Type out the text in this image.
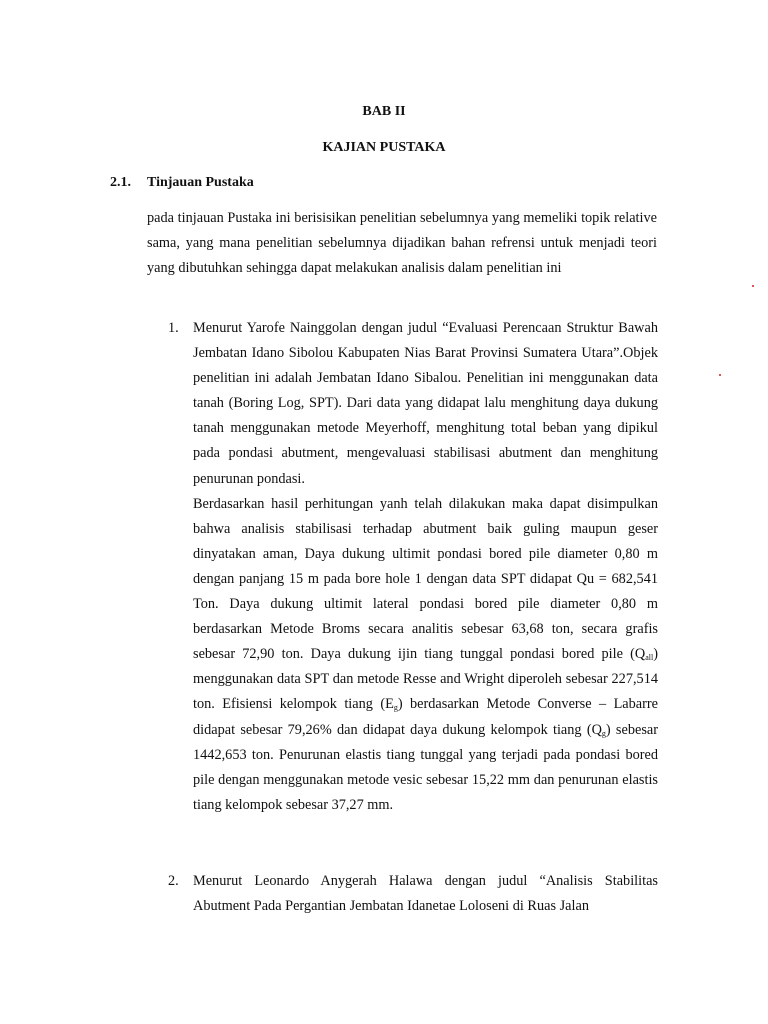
BAB II
KAJIAN PUSTAKA
2.1. Tinjauan Pustaka

pada tinjauan Pustaka ini berisisikan penelitian sebelumnya yang memeliki topik relative sama, yang mana penelitian sebelumnya dijadikan bahan refrensi untuk menjadi teori yang dibutuhkan sehingga dapat melakukan analisis dalam penelitian ini

1. Menurut Yarofe Nainggolan dengan judul “Evaluasi Perencaan Struktur Bawah Jembatan Idano Sibolou Kabupaten Nias Barat Provinsi Sumatera Utara”.Objek penelitian ini adalah Jembatan Idano Sibalou. Penelitian ini menggunakan data tanah (Boring Log, SPT). Dari data yang didapat lalu menghitung daya dukung tanah menggunakan metode Meyerhoff, menghitung total beban yang dipikul pada pondasi abutment, mengevaluasi stabilisasi abutment dan menghitung penurunan pondasi.

Berdasarkan hasil perhitungan yanh telah dilakukan maka dapat disimpulkan bahwa analisis stabilisasi terhadap abutment baik guling maupun geser dinyatakan aman, Daya dukung ultimit pondasi bored pile diameter 0,80 m dengan panjang 15 m pada bore hole 1 dengan data SPT didapat Qu = 682,541 Ton. Daya dukung ultimit lateral pondasi bored pile diameter 0,80 m berdasarkan Metode Broms secara analitis sebesar 63,68 ton, secara grafis sebesar 72,90 ton. Daya dukung ijin tiang tunggal pondasi bored pile $(Q_{all})$ menggunakan data SPT dan metode Resse and Wright diperoleh sebesar 227,514 ton. Efisiensi kelompok tiang $(E_g)$ berdasarkan Metode Converse – Labarre didapat sebesar 79,26% dan didapat daya dukung kelompok tiang $(Q_g)$ sebesar 1442,653 ton. Penurunan elastis tiang tunggal yang terjadi pada pondasi bored pile dengan menggunakan metode vesic sebesar 15,22 mm dan penurunan elastis tiang kelompok sebesar 37,27 mm.

2. Menurut Leonardo Anygerah Halawa dengan judul “Analisis Stabilitas Abutment Pada Pergantian Jembatan Idanetae Loloseni di Ruas Jalan
